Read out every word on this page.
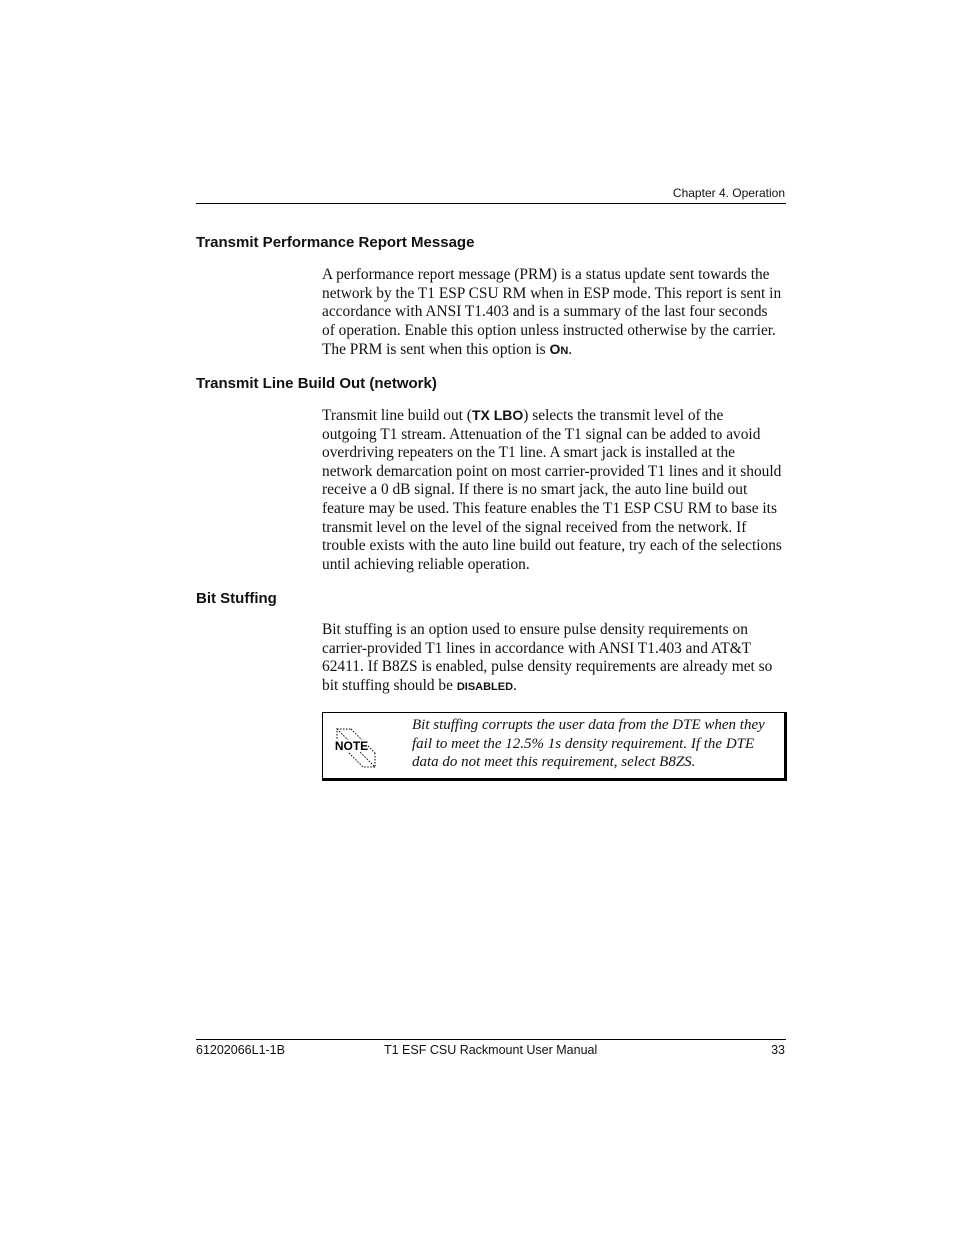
Chapter 4. Operation
Transmit Performance Report Message
A performance report message (PRM) is a status update sent towards the
network by the T1 ESP CSU RM when in ESP mode. This report is sent in
accordance with ANSI T1.403 and is a summary of the last four seconds
of operation. Enable this option unless instructed otherwise by the carrier.
The PRM is sent when this option is ON.
Transmit Line Build Out (network)
Transmit line build out (TX LBO) selects the transmit level of the
outgoing T1 stream. Attenuation of the T1 signal can be added to avoid
overdriving repeaters on the T1 line. A smart jack is installed at the
network demarcation point on most carrier-provided T1 lines and it should
receive a 0 dB signal. If there is no smart jack, the auto line build out
feature may be used. This feature enables the T1 ESP CSU RM to base its
transmit level on the level of the signal received from the network. If
trouble exists with the auto line build out feature, try each of the selections
until achieving reliable operation.
Bit Stuffing
Bit stuffing is an option used to ensure pulse density requirements on
carrier-provided T1 lines in accordance with ANSI T1.403 and AT&T
62411. If B8ZS is enabled, pulse density requirements are already met so
bit stuffing should be DISABLED.
NOTE
Bit stuffing corrupts the user data from the DTE when they
fail to meet the 12.5% 1s density requirement. If the DTE
data do not meet this requirement, select B8ZS.
61202066L1-1B	T1 ESF CSU Rackmount User Manual	33
